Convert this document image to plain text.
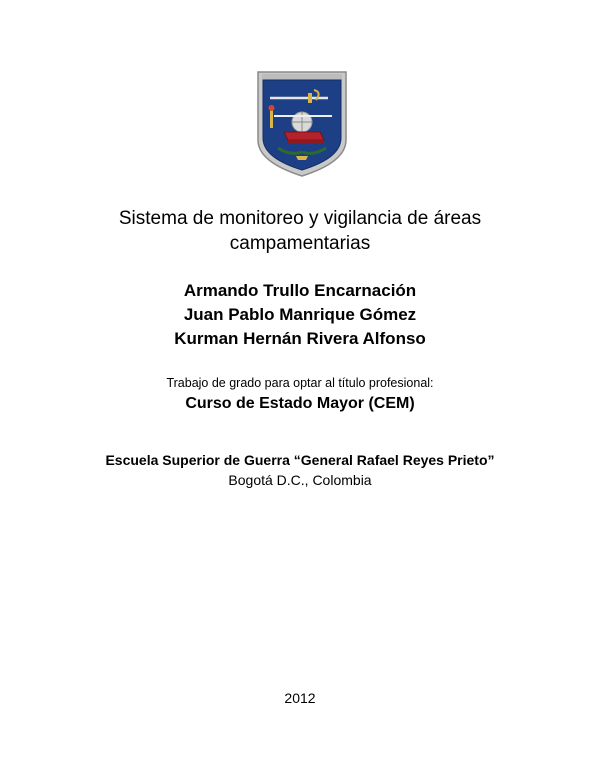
Sistema de monitoreo y vigilancia de áreas
campamentarias
Armando Trullo Encarnación
Juan Pablo Manrique Gómez
Kurman Hernán Rivera Alfonso
Trabajo de grado para optar al título profesional:
Curso de Estado Mayor (CEM)
Escuela Superior de Guerra “General Rafael Reyes Prieto”
Bogotá D.C., Colombia
2012
